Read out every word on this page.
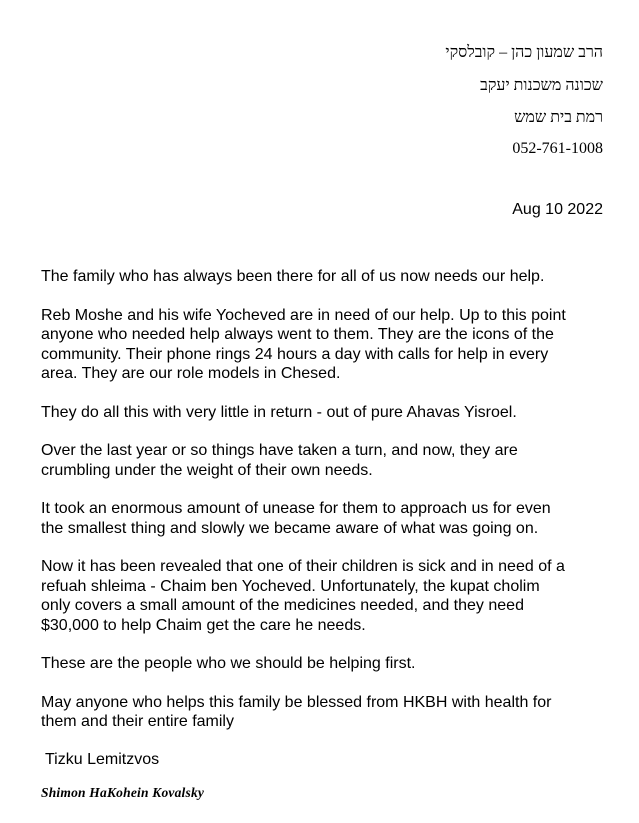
הרב שמעון כהן – קובלסקי
שכונה משכנות יעקב
רמת בית שמש
052-761-1008
Aug 10 2022

The family who has always been there for all of us now needs our help.

Reb Moshe and his wife Yocheved are in need of our help. Up to this point
anyone who needed help always went to them. They are the icons of the
community. Their phone rings 24 hours a day with calls for help in every
area. They are our role models in Chesed.

They do all this with very little in return - out of pure Ahavas Yisroel.

Over the last year or so things have taken a turn, and now, they are
crumbling under the weight of their own needs.

It took an enormous amount of unease for them to approach us for even
the smallest thing and slowly we became aware of what was going on.

Now it has been revealed that one of their children is sick and in need of a
refuah shleima - Chaim ben Yocheved. Unfortunately, the kupat cholim
only covers a small amount of the medicines needed, and they need
$30,000 to help Chaim get the care he needs.

These are the people who we should be helping first.

May anyone who helps this family be blessed from HKBH with health for
them and their entire family

Tizku Lemitzvos
Shimon HaKohein Kovalsky
